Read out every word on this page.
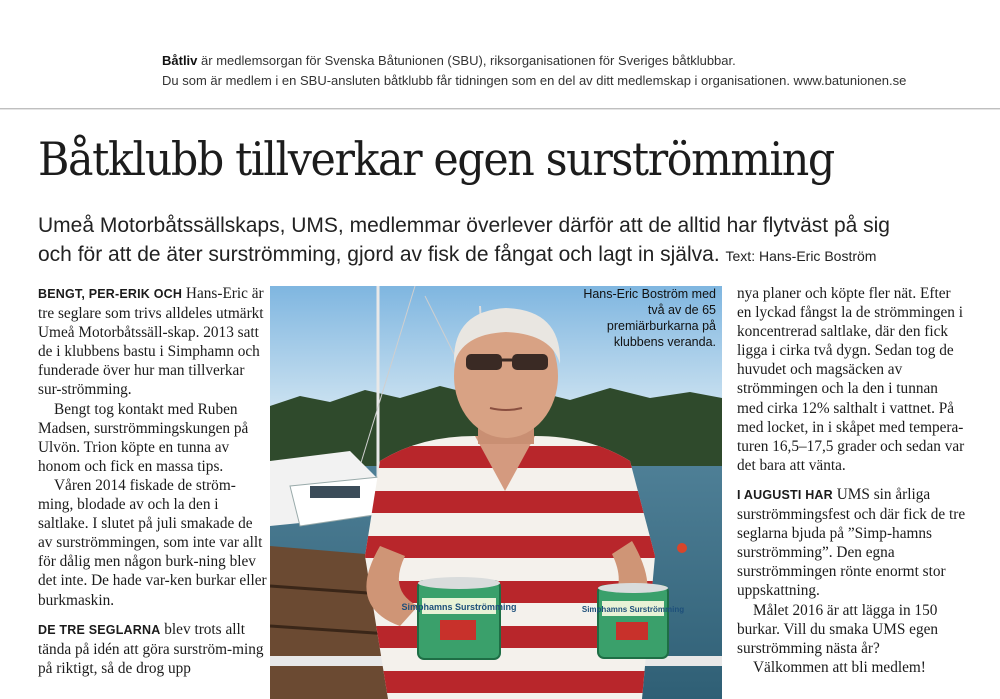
Båtliv är medlemsorgan för Svenska Båtunionen (SBU), riksorganisationen för Sveriges båtklubbar.
Du som är medlem i en SBU-ansluten båtklubb får tidningen som en del av ditt medlemskap i organisationen. www.batunionen.se
Båtklubb tillverkar egen surströmming
Umeå Motorbåtssällskaps, UMS, medlemmar överlever därför att de alltid har flytväst på sig
och för att de äter surströmming, gjord av fisk de fångat och lagt in själva. Text: Hans-Eric Boström

BENGT, PER-ERIK OCH Hans-Eric är tre seglare som trivs alldeles utmärkt Umeå Motorbåtssäll-skap. 2013 satt de i klubbens bastu i Simphamn och funderade över hur man tillverkar sur-strömming.

Bengt tog kontakt med Ruben Madsen, surströmmingskungen på Ulvön. Trion köpte en tunna av honom och fick en massa tips.

Våren 2014 fiskade de ström-ming, blodade av och la den i saltlake. I slutet på juli smakade de av surströmmingen, som inte var allt för dålig men någon burk-ning blev det inte. De hade var-ken burkar eller burkmaskin.

DE TRE SEGLARNA blev trots allt tända på idén att göra surström-ming på riktigt, så de drog upp

Simphamns Surströmming	Simphamns Surströmming
Hans-Eric Boström med två av de 65 premiärburkarna på klubbens veranda.

nya planer och köpte fler nät. Efter en lyckad fångst la de strömmingen i koncentrerad saltlake, där den fick ligga i cirka två dygn. Sedan tog de huvudet och magsäcken av strömmingen och la den i tunnan med cirka 12% salthalt i vattnet. På med locket, in i skåpet med tempera-turen 16,5–17,5 grader och sedan var det bara att vänta.

I AUGUSTI HAR UMS sin årliga surströmmingsfest och där fick de tre seglarna bjuda på ”Simp-hamns surströmming”. Den egna surströmmingen rönte enormt stor uppskattning.

Målet 2016 är att lägga in 150 burkar. Vill du smaka UMS egen surströmming nästa år?

Välkommen att bli medlem!
